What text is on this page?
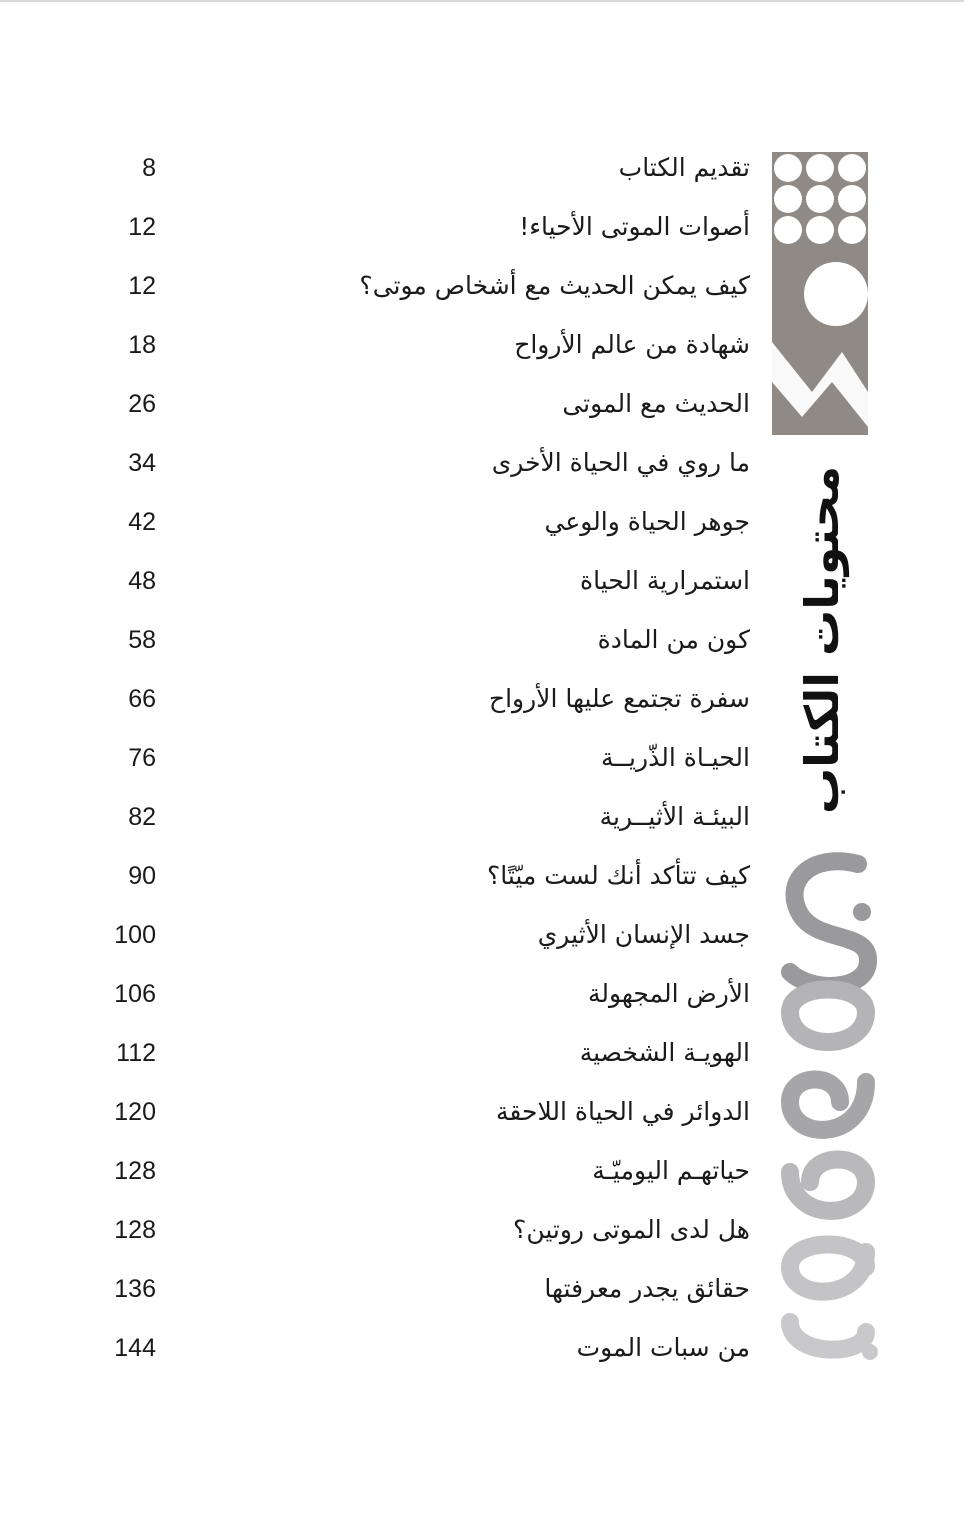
تقديم الكتاب
8
أصوات الموتى الأحياء!
12
كيف يمكن الحديث مع أشخاص موتى؟
12
شهادة من عالم الأرواح
18
الحديث مع الموتى
26
ما روي في الحياة الأخرى
34
جوهر الحياة والوعي
42
استمرارية الحياة
48
كون من المادة
58
سفرة تجتمع عليها الأرواح
66
الحيـاة الذّريــة
76
البيئـة الأثيــرية
82
كيف تتأكد أنك لست ميّتًا؟
90
جسد الإنسان الأثيري
100
الأرض المجهولة
106
الهويـة الشخصية
112
الدوائر في الحياة اللاحقة
120
حياتهـم اليوميّـة
128
هل لدى الموتى روتين؟
128
حقائق يجدر معرفتها
136
من سبات الموت
144
محتويات الكتاب
